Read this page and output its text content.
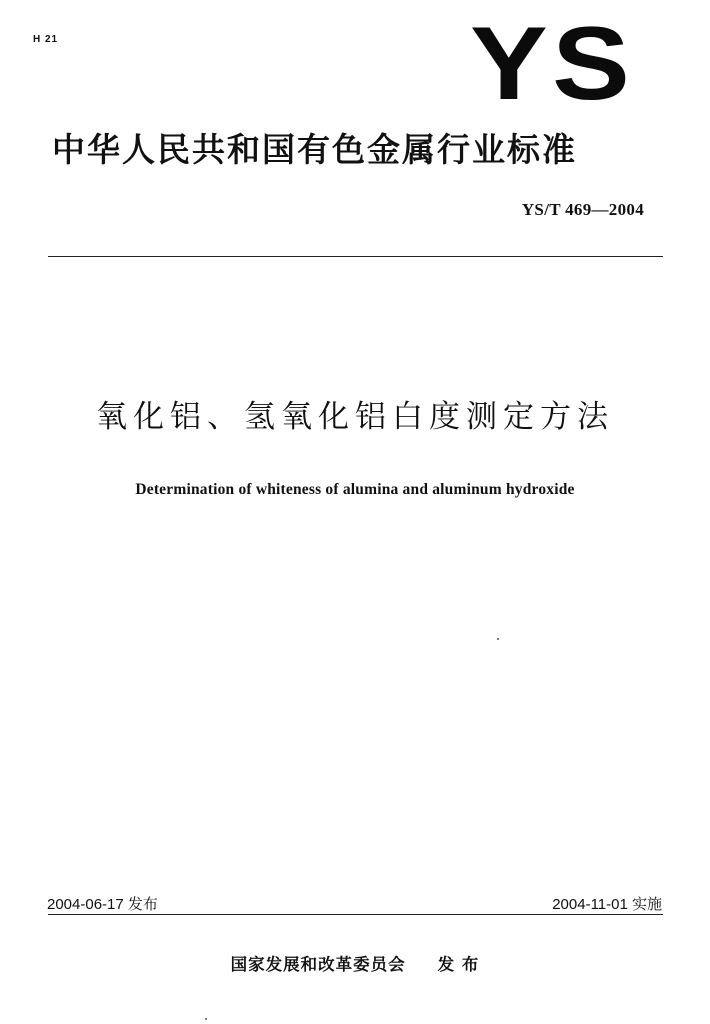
H 21	YS
中华人民共和国有色金属行业标准
YS/T 469—2004
氧化铝、氢氧化铝白度测定方法
Determination of whiteness of alumina and aluminum hydroxide
2004-06-17 发布	2004-11-01 实施
国家发展和改革委员会 发 布
